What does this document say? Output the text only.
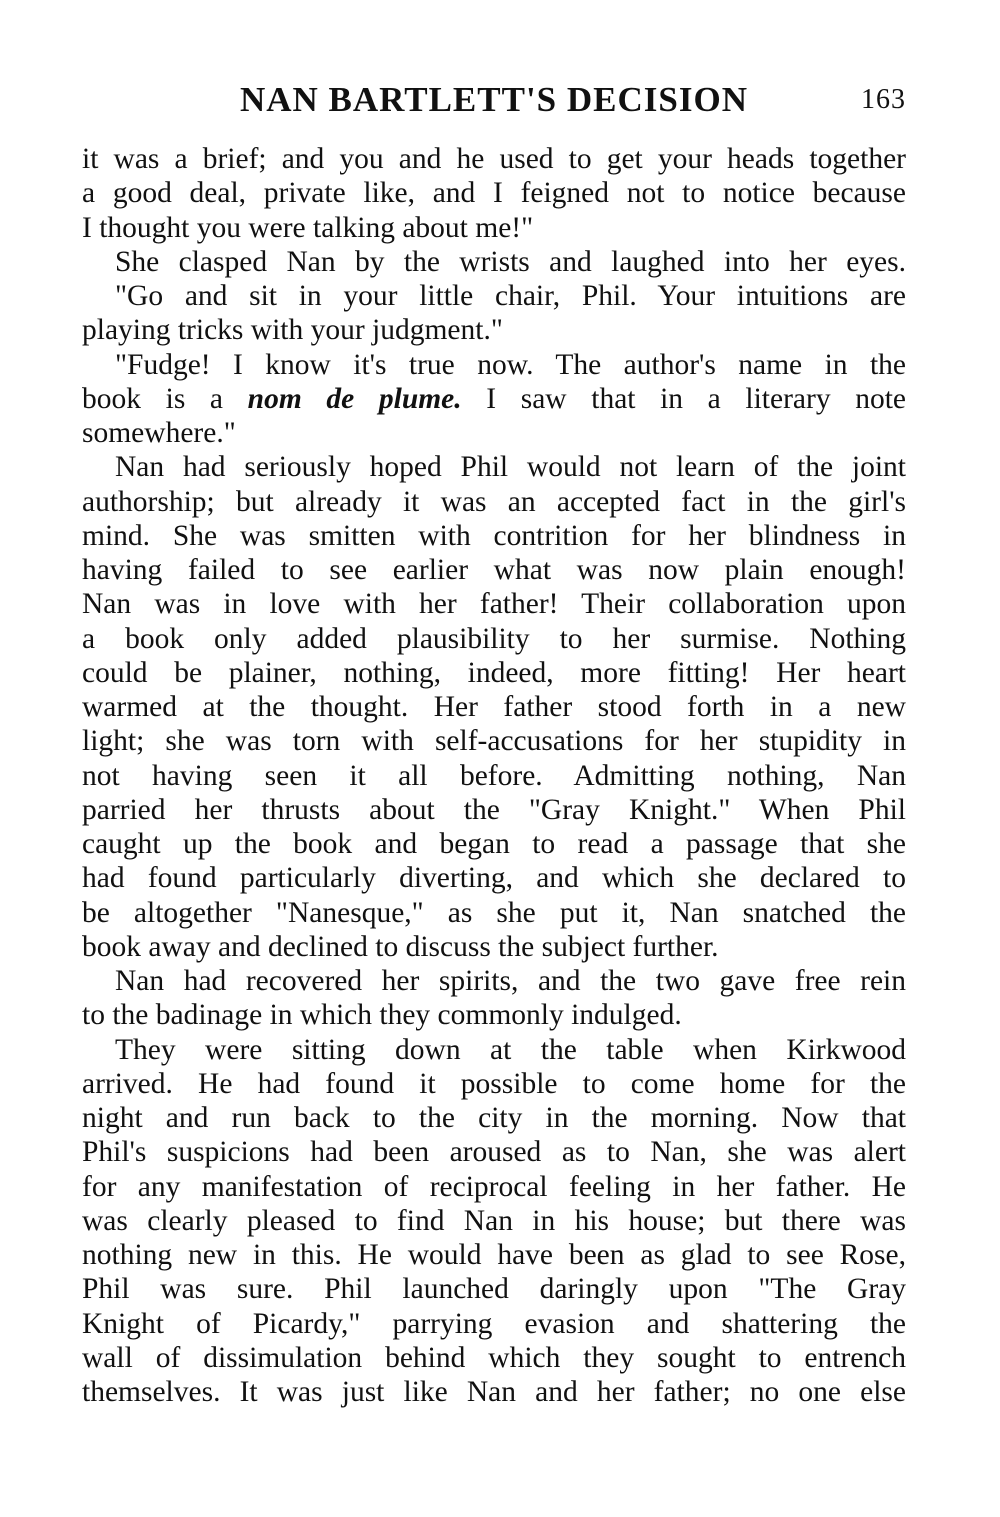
NAN BARTLETT'S DECISION	163
it was a brief; and you and he used to get your heads together
a good deal, private like, and I feigned not to notice because
I thought you were talking about me!"
She clasped Nan by the wrists and laughed into her eyes.
"Go and sit in your little chair, Phil. Your intuitions are
playing tricks with your judgment."
"Fudge! I know it's true now. The author's name in the
book is a nom de plume. I saw that in a literary note
somewhere."
Nan had seriously hoped Phil would not learn of the joint
authorship; but already it was an accepted fact in the girl's
mind. She was smitten with contrition for her blindness in
having failed to see earlier what was now plain enough!
Nan was in love with her father! Their collaboration upon
a book only added plausibility to her surmise. Nothing
could be plainer, nothing, indeed, more fitting! Her heart
warmed at the thought. Her father stood forth in a new
light; she was torn with self-accusations for her stupidity in
not having seen it all before. Admitting nothing, Nan
parried her thrusts about the "Gray Knight." When Phil
caught up the book and began to read a passage that she
had found particularly diverting, and which she declared to
be altogether "Nanesque," as she put it, Nan snatched the
book away and declined to discuss the subject further.
Nan had recovered her spirits, and the two gave free rein
to the badinage in which they commonly indulged.
They were sitting down at the table when Kirkwood
arrived. He had found it possible to come home for the
night and run back to the city in the morning. Now that
Phil's suspicions had been aroused as to Nan, she was alert
for any manifestation of reciprocal feeling in her father. He
was clearly pleased to find Nan in his house; but there was
nothing new in this. He would have been as glad to see Rose,
Phil was sure. Phil launched daringly upon "The Gray
Knight of Picardy," parrying evasion and shattering the
wall of dissimulation behind which they sought to entrench
themselves. It was just like Nan and her father; no one else
